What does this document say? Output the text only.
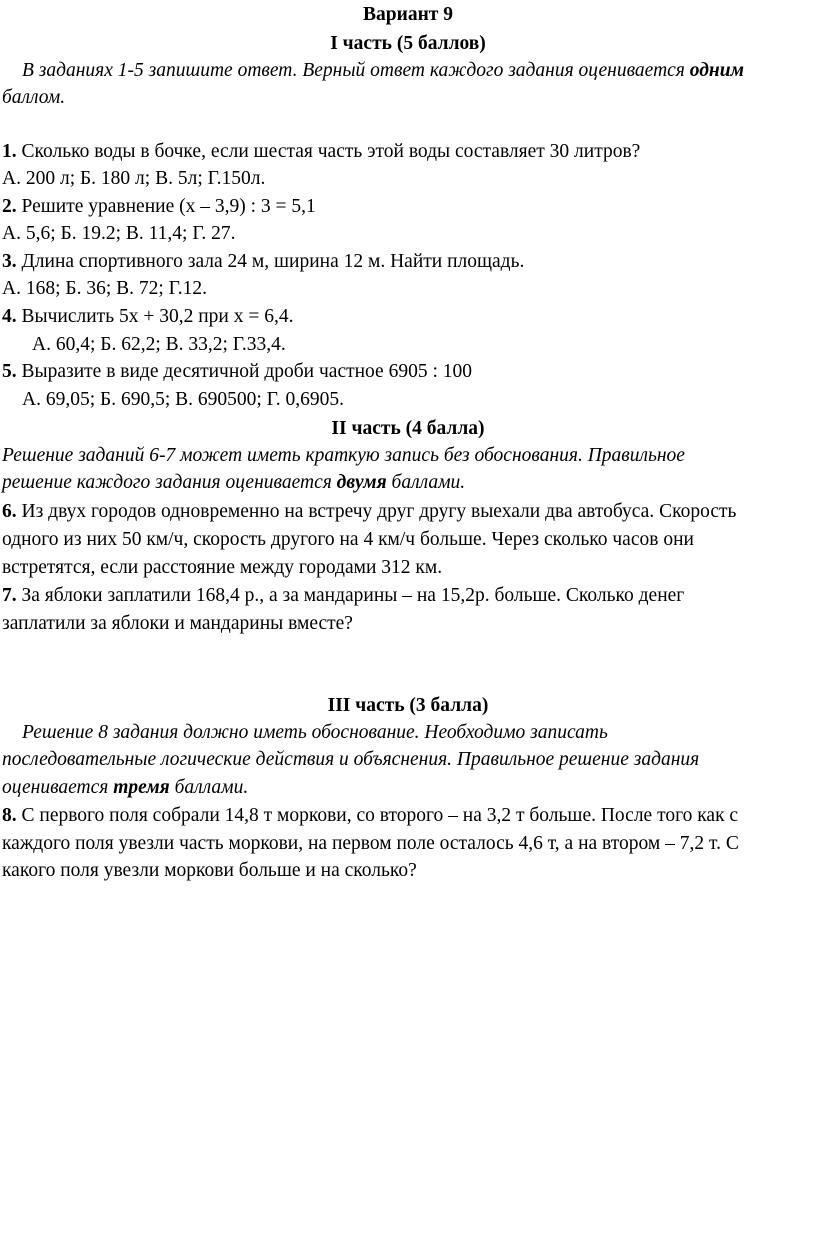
Вариант 9
I часть (5 баллов)
В заданиях 1-5 запишите ответ. Верный ответ каждого задания оценивается одним
баллом.
1. Сколько воды в бочке, если шестая часть этой воды составляет 30 литров?
А. 200 л; Б. 180 л; В. 5л; Г.150л.
2. Решите уравнение (х – 3,9) : 3 = 5,1
А. 5,6; Б. 19.2; В. 11,4; Г. 27.
3. Длина спортивного зала 24 м, ширина 12 м. Найти площадь.
А. 168; Б. 36; В. 72; Г.12.
4. Вычислить 5х + 30,2 при х = 6,4.
А. 60,4; Б. 62,2; В. 33,2; Г.33,4.
5. Выразите в виде десятичной дроби частное 6905 : 100
А. 69,05; Б. 690,5; В. 690500; Г. 0,6905.
II часть (4 балла)
Решение заданий 6-7 может иметь краткую запись без обоснования. Правильное
решение каждого задания оценивается двумя баллами.
6. Из двух городов одновременно на встречу друг другу выехали два автобуса. Скорость
одного из них 50 км/ч, скорость другого на 4 км/ч больше. Через сколько часов они
встретятся, если расстояние между городами 312 км.
7. За яблоки заплатили 168,4 р., а за мандарины – на 15,2р. больше. Сколько денег
заплатили за яблоки и мандарины вместе?
III часть (3 балла)
Решение 8 задания должно иметь обоснование. Необходимо записать
последовательные логические действия и объяснения. Правильное решение задания
оценивается тремя баллами.
8. С первого поля собрали 14,8 т моркови, со второго – на 3,2 т больше. После того как с
каждого поля увезли часть моркови, на первом поле осталось 4,6 т, а на втором – 7,2 т. С
какого поля увезли моркови больше и на сколько?
